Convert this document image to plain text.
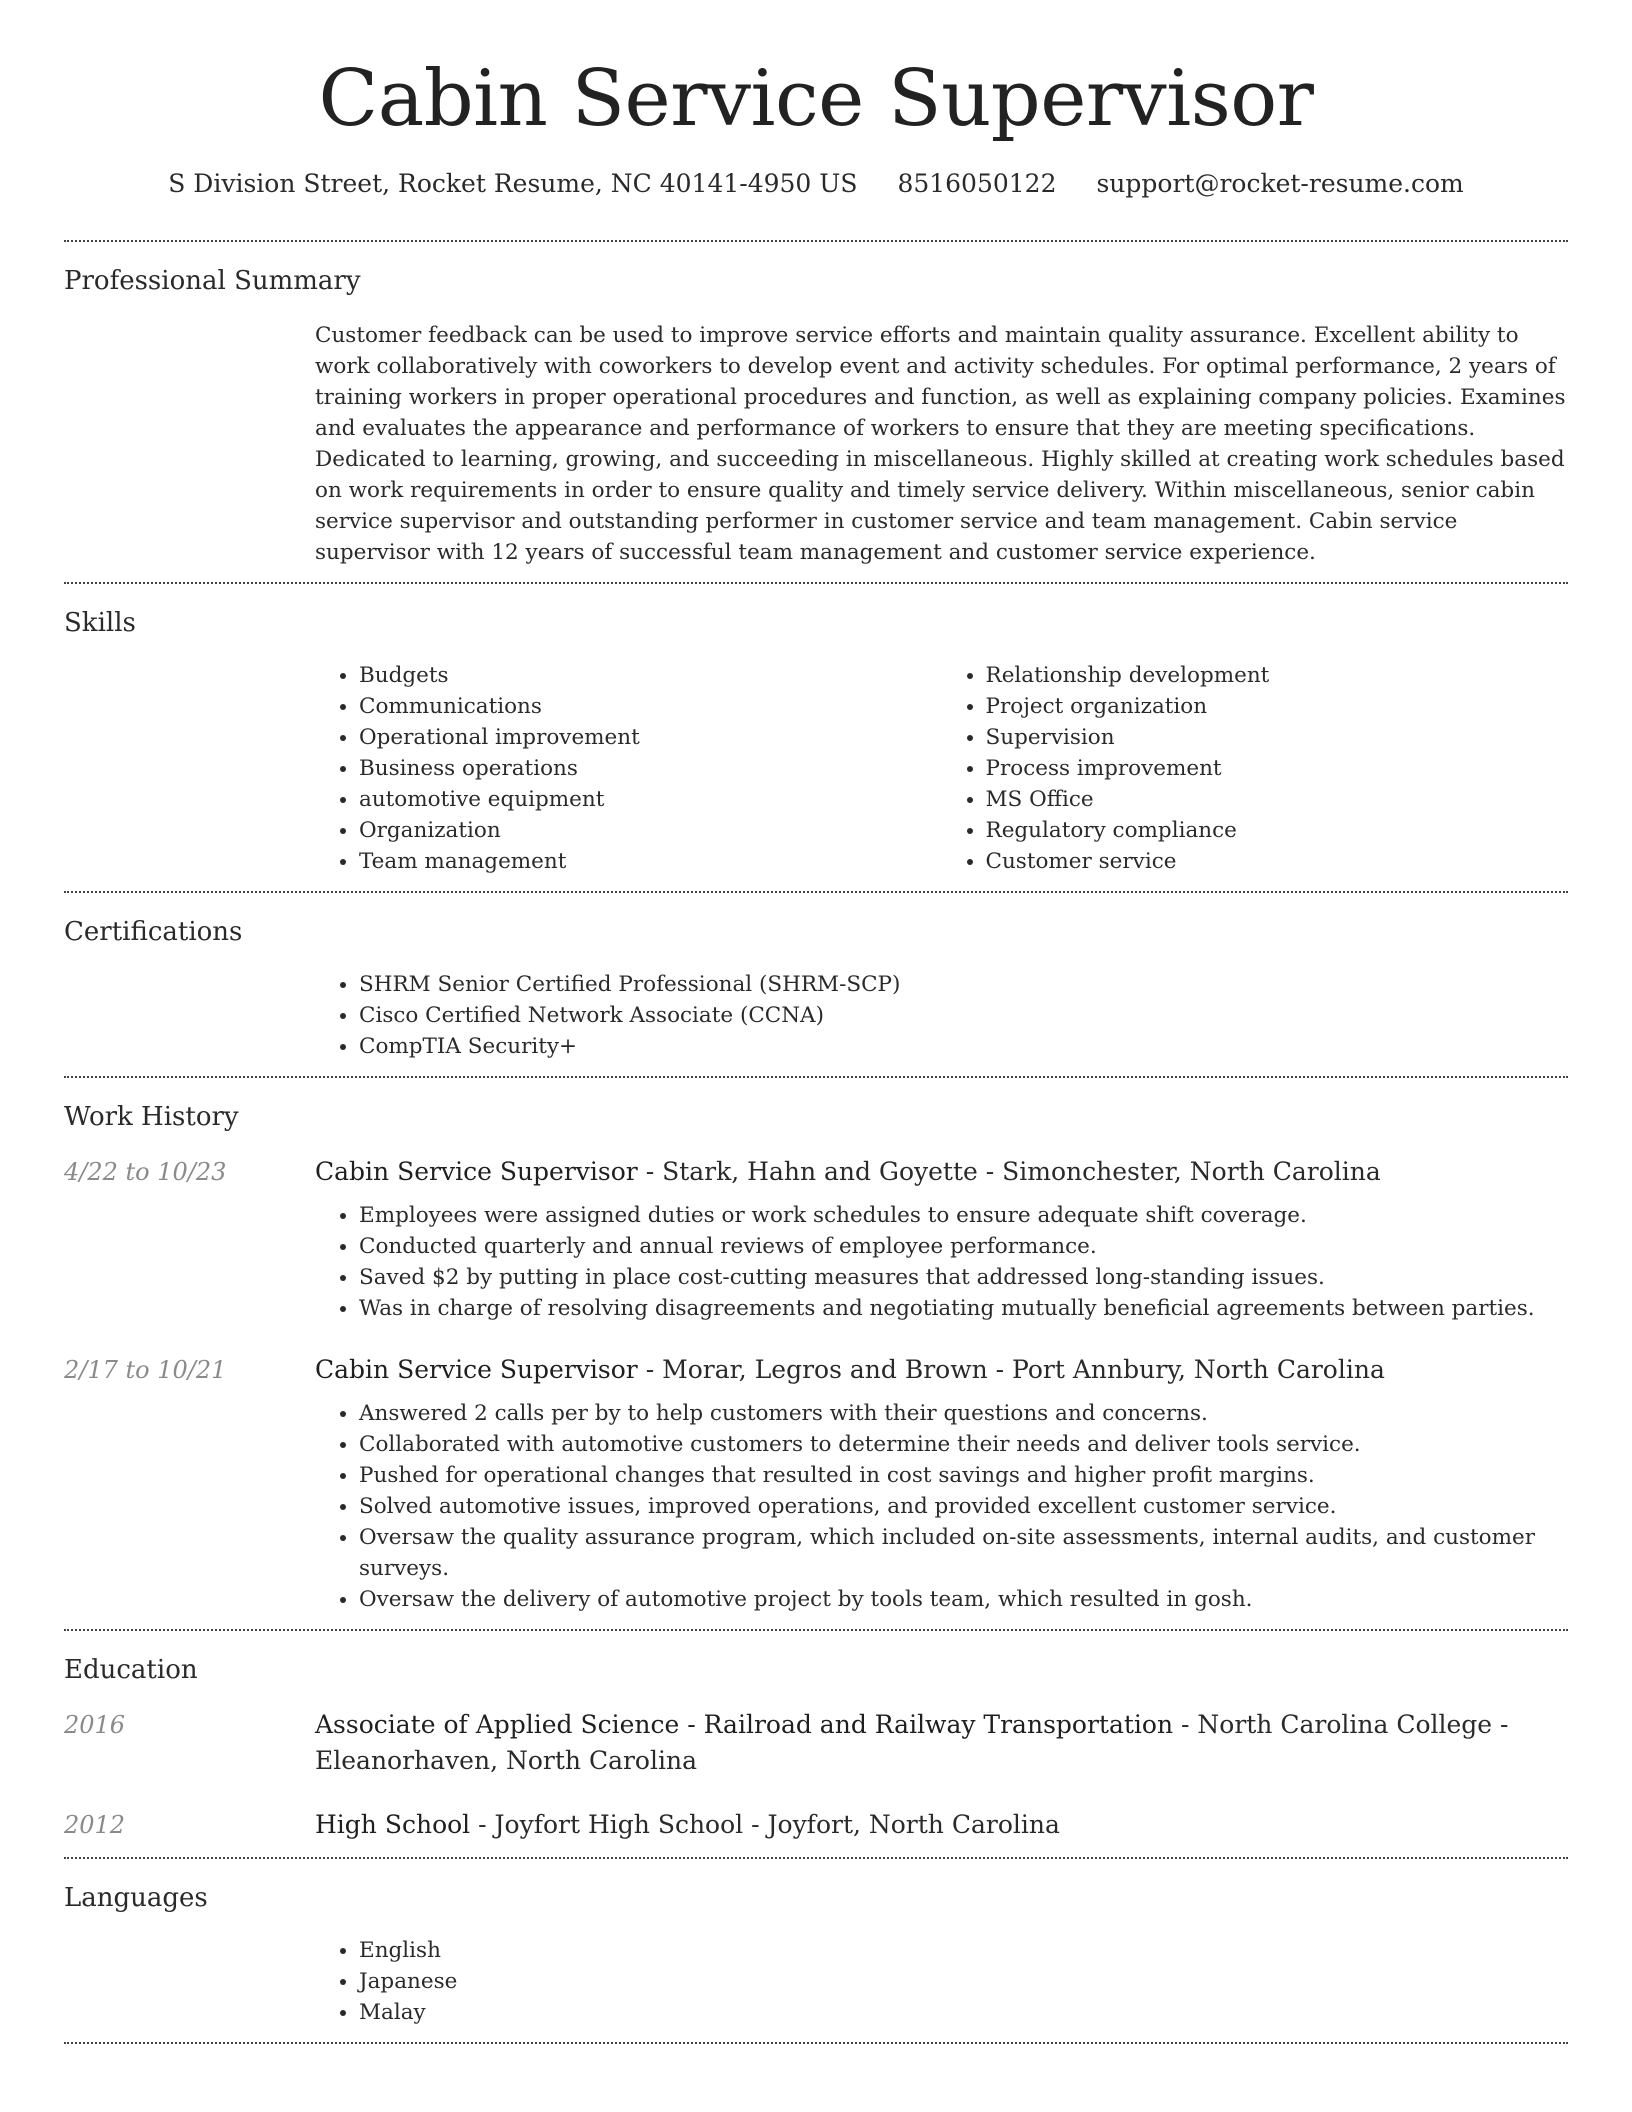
Cabin Service Supervisor
S Division Street, Rocket Resume, NC 40141-4950 US 8516050122 support@rocket-resume.com
Professional Summary
Customer feedback can be used to improve service efforts and maintain quality assurance. Excellent ability to work collaboratively with coworkers to develop event and activity schedules. For optimal performance, 2 years of training workers in proper operational procedures and function, as well as explaining company policies. Examines and evaluates the appearance and performance of workers to ensure that they are meeting specifications. Dedicated to learning, growing, and succeeding in miscellaneous. Highly skilled at creating work schedules based on work requirements in order to ensure quality and timely service delivery. Within miscellaneous, senior cabin service supervisor and outstanding performer in customer service and team management. Cabin service supervisor with 12 years of successful team management and customer service experience.
Skills
• Budgets
• Communications
• Operational improvement
• Business operations
• automotive equipment
• Organization
• Team management
• Relationship development
• Project organization
• Supervision
• Process improvement
• MS Office
• Regulatory compliance
• Customer service
Certifications
• SHRM Senior Certified Professional (SHRM-SCP)
• Cisco Certified Network Associate (CCNA)
• CompTIA Security+
Work History
4/22 to 10/23	Cabin Service Supervisor - Stark, Hahn and Goyette - Simonchester, North Carolina
• Employees were assigned duties or work schedules to ensure adequate shift coverage.
• Conducted quarterly and annual reviews of employee performance.
• Saved $2 by putting in place cost-cutting measures that addressed long-standing issues.
• Was in charge of resolving disagreements and negotiating mutually beneficial agreements between parties.
2/17 to 10/21	Cabin Service Supervisor - Morar, Legros and Brown - Port Annbury, North Carolina
• Answered 2 calls per by to help customers with their questions and concerns.
• Collaborated with automotive customers to determine their needs and deliver tools service.
• Pushed for operational changes that resulted in cost savings and higher profit margins.
• Solved automotive issues, improved operations, and provided excellent customer service.
• Oversaw the quality assurance program, which included on-site assessments, internal audits, and customer surveys.
• Oversaw the delivery of automotive project by tools team, which resulted in gosh.
Education
2016	Associate of Applied Science - Railroad and Railway Transportation - North Carolina College - Eleanorhaven, North Carolina
2012	High School - Joyfort High School - Joyfort, North Carolina
Languages
• English
• Japanese
• Malay
